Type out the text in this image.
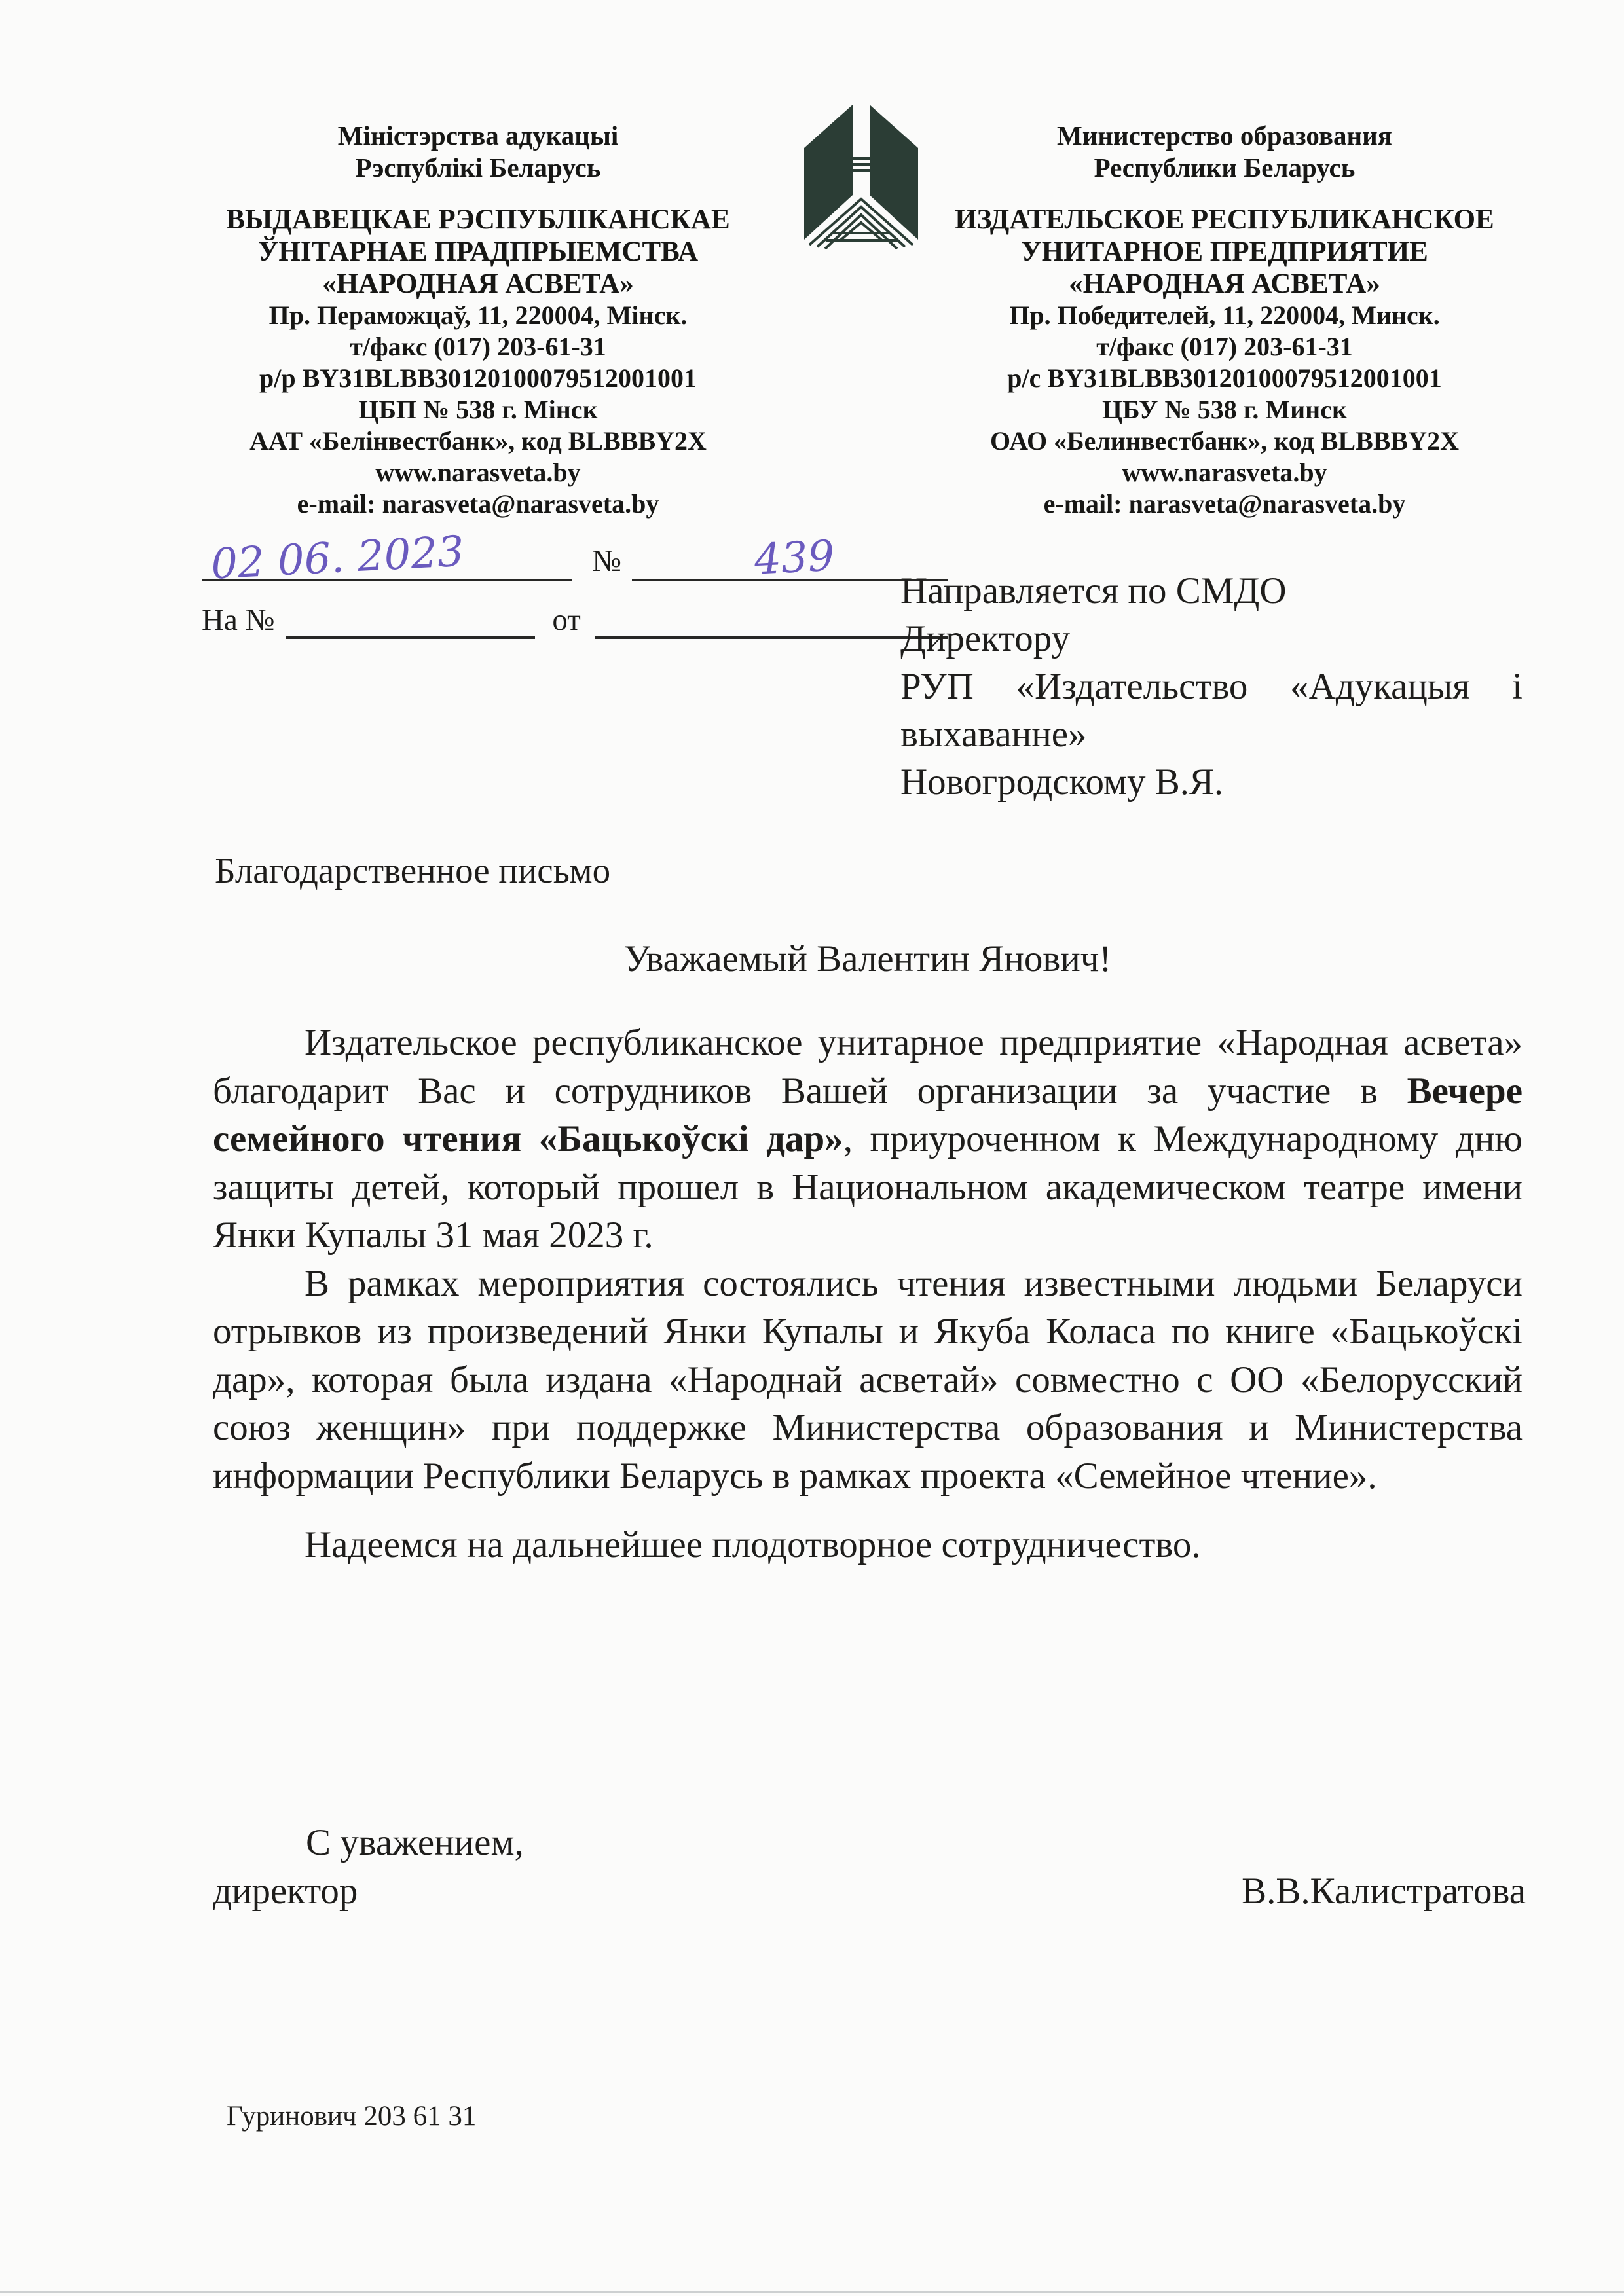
Міністэрства адукацыі
Рэспублікі Беларусь
ВЫДАВЕЦКАЕ РЭСПУБЛІКАНСКАЕ
ЎНІТАРНАЕ ПРАДПРЫЕМСТВА
«НАРОДНАЯ АСВЕТА»
Пр. Пераможцаў, 11, 220004, Мінск.
т/факс (017) 203-61-31
р/р BY31BLBB30120100079512001001
ЦБП № 538 г. Мінск
ААТ «Белінвестбанк», код BLBBBY2X
www.narasveta.by
e-mail: narasveta@narasveta.by
Министерство образования
Республики Беларусь
ИЗДАТЕЛЬСКОЕ РЕСПУБЛИКАНСКОЕ
УНИТАРНОЕ ПРЕДПРИЯТИЕ
«НАРОДНАЯ АСВЕТА»
Пр. Победителей, 11, 220004, Минск.
т/факс (017) 203-61-31
р/с BY31BLBB30120100079512001001
ЦБУ № 538 г. Минск
ОАО «Белинвестбанк», код BLBBBY2X
www.narasveta.by
e-mail: narasveta@narasveta.by
02 06. 2023	№	439
На №	от
Направляется по СМДО
Директору
РУП «Издательство «Адукацыя і
выхаванне»
Новогродскому В.Я.
Благодарственное письмо
Уважаемый Валентин Янович!

Издательское республиканское унитарное предприятие «Народная асвета» благодарит Вас и сотрудников Вашей организации за участие в Вечере семейного чтения «Бацькоўскі дар», приуроченном к Международному дню защиты детей, который прошел в Национальном академическом театре имени Янки Купалы 31 мая 2023 г.

В рамках мероприятия состоялись чтения известными людьми Беларуси отрывков из произведений Янки Купалы и Якуба Коласа по книге «Бацькоўскі дар», которая была издана «Народнай асветай» совместно с ОО «Белорусский союз женщин» при поддержке Министерства образования и Министерства информации Республики Беларусь в рамках проекта «Семейное чтение».

Надеемся на дальнейшее плодотворное сотрудничество.

С уважением,
директор	В.В.Калистратова
Гуринович 203 61 31
